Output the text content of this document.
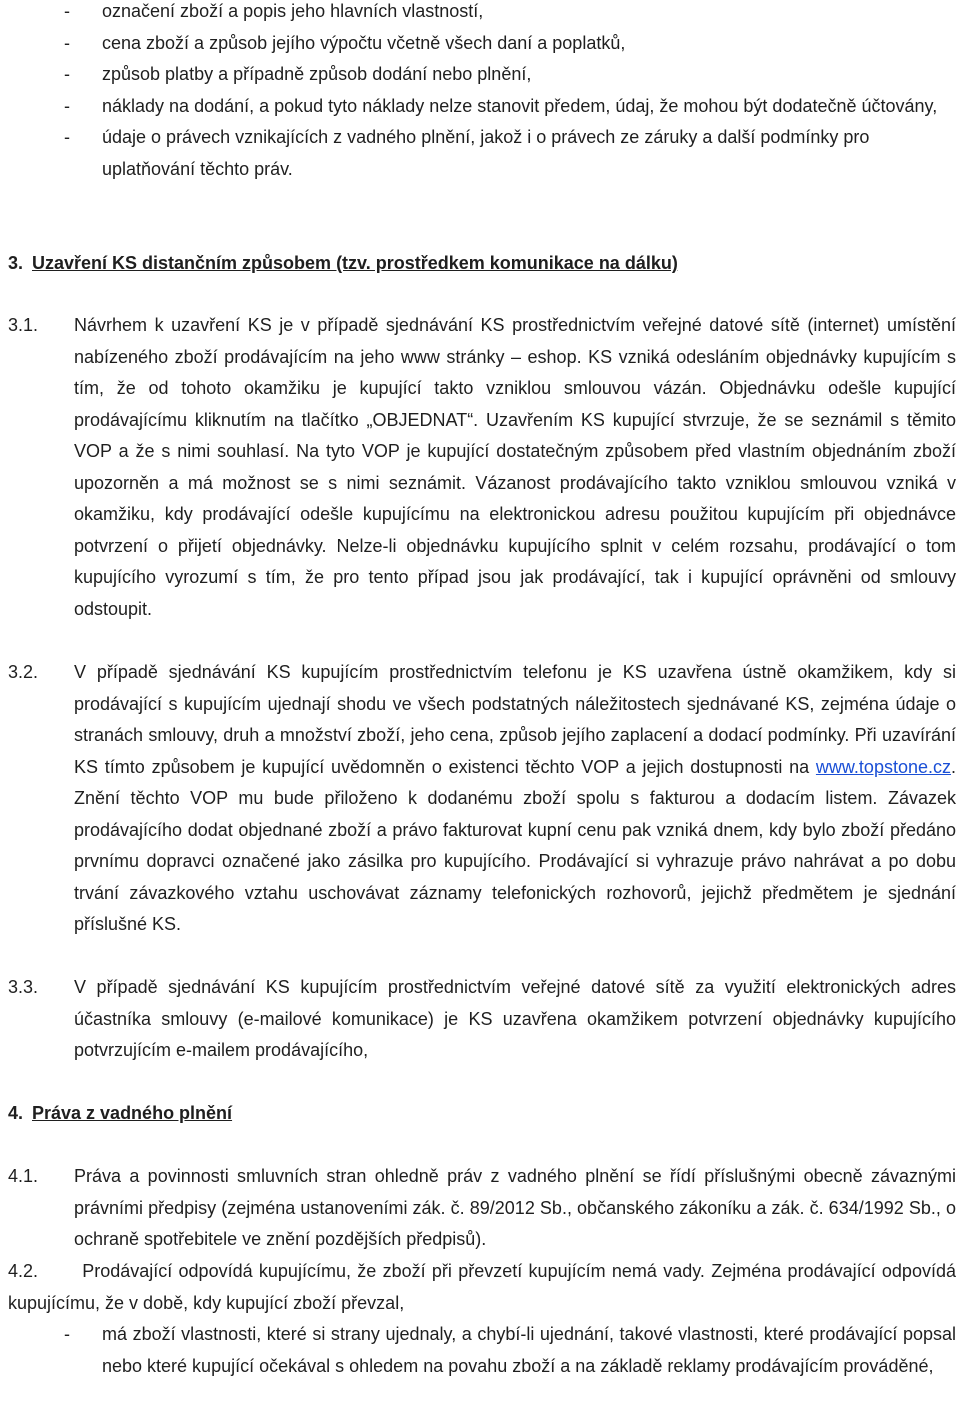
-	označení zboží a popis jeho hlavních vlastností,
-	cena zboží a způsob jejího výpočtu včetně všech daní a poplatků,
-	způsob platby a případně způsob dodání nebo plnění,
-	náklady na dodání, a pokud tyto náklady nelze stanovit předem, údaj, že mohou být dodatečně účtovány,
-	údaje o právech vznikajících z vadného plnění, jakož i o právech ze záruky a další podmínky pro uplatňování těchto práv.
3. Uzavření KS distančním způsobem (tzv. prostředkem komunikace na dálku)
3.1.	Návrhem k uzavření KS je v případě sjednávání KS prostřednictvím veřejné datové sítě (internet) umístění nabízeného zboží prodávajícím na jeho www stránky – eshop. KS vzniká odesláním objednávky kupujícím s tím, že od tohoto okamžiku je kupující takto vzniklou smlouvou vázán. Objednávku odešle kupující prodávajícímu kliknutím na tlačítko „OBJEDNAT“. Uzavřením KS kupující stvrzuje, že se seznámil s těmito VOP a že s nimi souhlasí. Na tyto VOP je kupující dostatečným způsobem před vlastním objednáním zboží upozorněn a má možnost se s nimi seznámit. Vázanost prodávajícího takto vzniklou smlouvou vzniká v okamžiku, kdy prodávající odešle kupujícímu na elektronickou adresu použitou kupujícím při objednávce potvrzení o přijetí objednávky. Nelze-li objednávku kupujícího splnit v celém rozsahu, prodávající o tom kupujícího vyrozumí s tím, že pro tento případ jsou jak prodávající, tak i kupující oprávněni od smlouvy odstoupit.
3.2.	V případě sjednávání KS kupujícím prostřednictvím telefonu je KS uzavřena ústně okamžikem, kdy si prodávající s kupujícím ujednají shodu ve všech podstatných náležitostech sjednávané KS, zejména údaje o stranách smlouvy, druh a množství zboží, jeho cena, způsob jejího zaplacení a dodací podmínky. Při uzavírání KS tímto způsobem je kupující uvědomněn o existenci těchto VOP a jejich dostupnosti na www.topstone.cz. Znění těchto VOP mu bude přiloženo k dodanému zboží spolu s fakturou a dodacím listem. Závazek prodávajícího dodat objednané zboží a právo fakturovat kupní cenu pak vzniká dnem, kdy bylo zboží předáno prvnímu dopravci označené jako zásilka pro kupujícího. Prodávající si vyhrazuje právo nahrávat a po dobu trvání závazkového vztahu uschovávat záznamy telefonických rozhovorů, jejichž předmětem je sjednání příslušné KS.
3.3.	V případě sjednávání KS kupujícím prostřednictvím veřejné datové sítě za využití elektronických adres účastníka smlouvy (e-mailové komunikace) je KS uzavřena okamžikem potvrzení objednávky kupujícího potvrzujícím e-mailem prodávajícího,
4. Práva z vadného plnění
4.1.	Práva a povinnosti smluvních stran ohledně práv z vadného plnění se řídí příslušnými obecně závaznými právními předpisy (zejména ustanoveními zák. č. 89/2012 Sb., občanského zákoníku a zák. č. 634/1992 Sb., o ochraně spotřebitele ve znění pozdějších předpisů).
4.2. Prodávající odpovídá kupujícímu, že zboží při převzetí kupujícím nemá vady. Zejména prodávající odpovídá kupujícímu, že v době, kdy kupující zboží převzal,
-	má zboží vlastnosti, které si strany ujednaly, a chybí-li ujednání, takové vlastnosti, které prodávající popsal nebo které kupující očekával s ohledem na povahu zboží a na základě reklamy prodávajícím prováděné,
